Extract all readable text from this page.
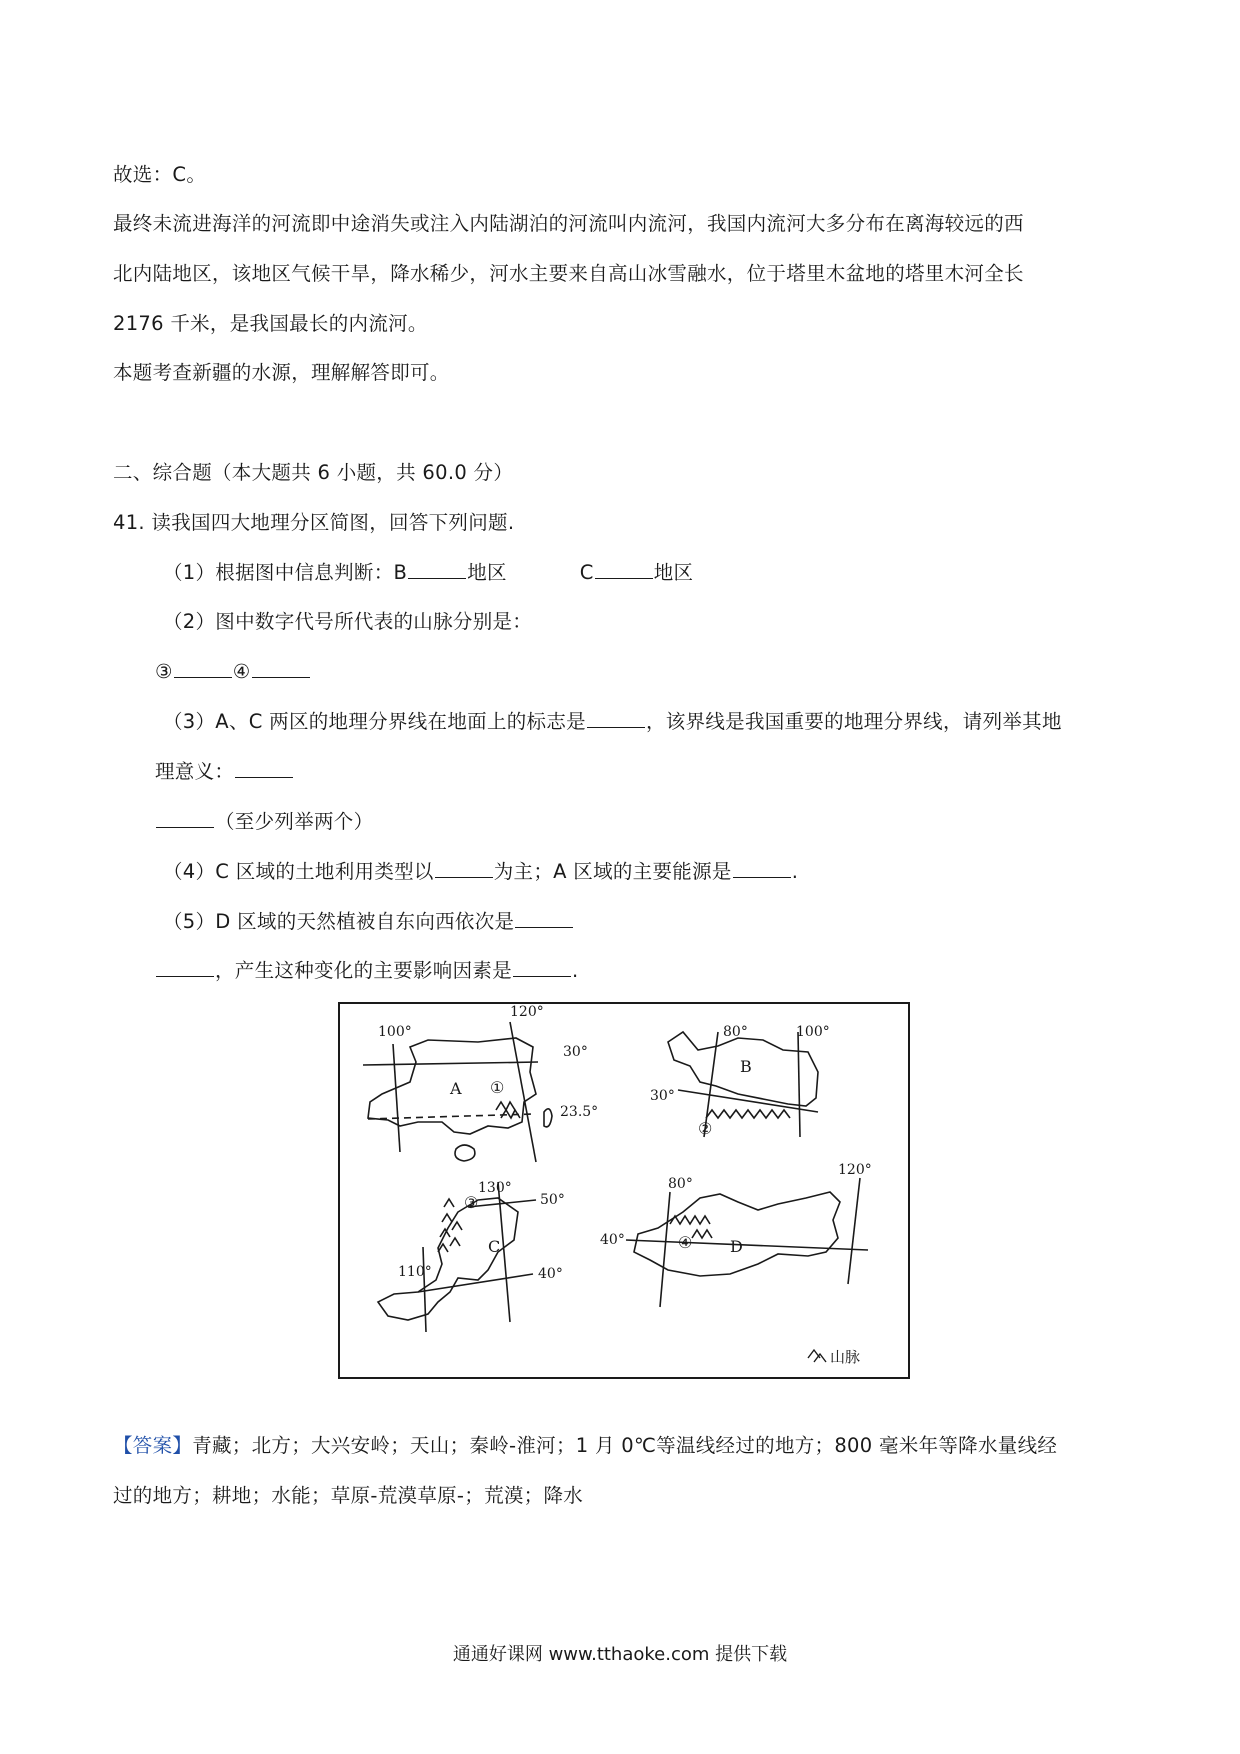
故选：C。
最终未流进海洋的河流即中途消失或注入内陆湖泊的河流叫内流河，我国内流河大多分布在离海较远的西
北内陆地区，该地区气候干旱，降水稀少，河水主要来自高山冰雪融水，位于塔里木盆地的塔里木河全长
2176 千米，是我国最长的内流河。
本题考查新疆的水源，理解解答即可。
二、综合题（本大题共 6 小题，共 60.0 分）
41. 读我国四大地理分区简图，回答下列问题.
（1）根据图中信息判断：B	地区	C	地区
（2）图中数字代号所代表的山脉分别是：
③	④
（3）A、C 两区的地理分界线在地面上的标志是	，该界线是我国重要的地理分界线，请列举其地
理意义：
（至少列举两个）
（4）C 区域的土地利用类型以	为主；A 区域的主要能源是	.
（5）D 区域的天然植被自东向西依次是
，产生这种变化的主要影响因素是	.
100°
120°
30°
23.5°
A ①
80°	100°
30°
B
②
130°
50°
110°	40°
C
③
80°
120°
40°	D
④
山脉
【答案】青藏；北方；大兴安岭；天山；秦岭-淮河；1 月 0℃等温线经过的地方；800 毫米年等降水量线经
过的地方；耕地；水能；草原-荒漠草原-；荒漠；降水
通通好课网 www.tthaoke.com 提供下载
